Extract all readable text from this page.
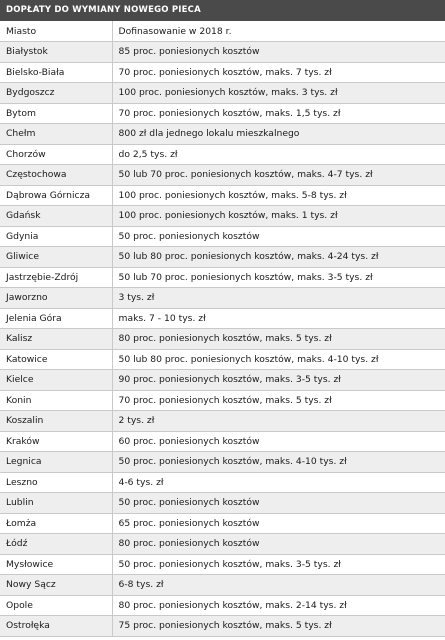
DOPŁATY DO WYMIANY NOWEGO PIECA
Miasto	Dofinasowanie w 2018 r.
Białystok	85 proc. poniesionych kosztów
Bielsko-Biała	70 proc. poniesionych kosztów, maks. 7 tys. zł
Bydgoszcz	100 proc. poniesionych kosztów, maks. 3 tys. zł
Bytom	70 proc. poniesionych kosztów, maks. 1,5 tys. zł
Chełm	800 zł dla jednego lokalu mieszkalnego
Chorzów	do 2,5 tys. zł
Częstochowa	50 lub 70 proc. poniesionych kosztów, maks. 4-7 tys. zł
Dąbrowa Górnicza	100 proc. poniesionych kosztów, maks. 5-8 tys. zł
Gdańsk	100 proc. poniesionych kosztów, maks. 1 tys. zł
Gdynia	50 proc. poniesionych kosztów
Gliwice	50 lub 80 proc. poniesionych kosztów, maks. 4-24 tys. zł
Jastrzębie-Zdrój	50 lub 70 proc. poniesionych kosztów, maks. 3-5 tys. zł
Jaworzno	3 tys. zł
Jelenia Góra	maks. 7 - 10 tys. zł
Kalisz	80 proc. poniesionych kosztów, maks. 5 tys. zł
Katowice	50 lub 80 proc. poniesionych kosztów, maks. 4-10 tys. zł
Kielce	90 proc. poniesionych kosztów, maks. 3-5 tys. zł
Konin	70 proc. poniesionych kosztów, maks. 5 tys. zł
Koszalin	2 tys. zł
Kraków	60 proc. poniesionych kosztów
Legnica	50 proc. poniesionych kosztów, maks. 4-10 tys. zł
Leszno	4-6 tys. zł
Lublin	50 proc. poniesionych kosztów
Łomża	65 proc. poniesionych kosztów
Łódź	80 proc. poniesionych kosztów
Mysłowice	50 proc. poniesionych kosztów, maks. 3-5 tys. zł
Nowy Sącz	6-8 tys. zł
Opole	80 proc. poniesionych kosztów, maks. 2-14 tys. zł
Ostrołęka	75 proc. poniesionych kosztów, maks. 5 tys. zł
